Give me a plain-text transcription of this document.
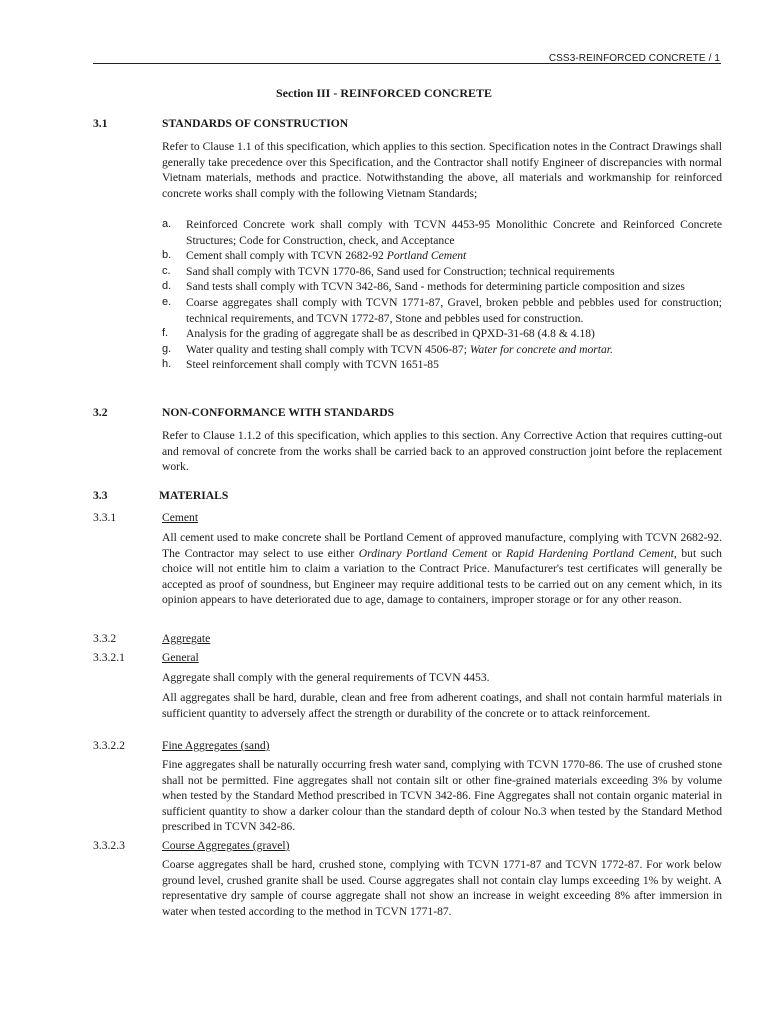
CSS3-REINFORCED CONCRETE / 1
Section III - REINFORCED CONCRETE
3.1	STANDARDS OF CONSTRUCTION

Refer to Clause 1.1 of this specification, which applies to this section. Specification notes in the Contract Drawings shall generally take precedence over this Specification, and the Contractor shall notify Engineer of discrepancies with normal Vietnam materials, methods and practice. Notwithstanding the above, all materials and workmanship for reinforced concrete works shall comply with the following Vietnam Standards;

a. Reinforced Concrete work shall comply with TCVN 4453-95 Monolithic Concrete and Reinforced Concrete Structures; Code for Construction, check, and Acceptance
b. Cement shall comply with TCVN 2682-92 Portland Cement
c. Sand shall comply with TCVN 1770-86, Sand used for Construction; technical requirements
d. Sand tests shall comply with TCVN 342-86, Sand - methods for determining particle composition and sizes
e. Coarse aggregates shall comply with TCVN 1771-87, Gravel, broken pebble and pebbles used for construction; technical requirements, and TCVN 1772-87, Stone and pebbles used for construction.
f. Analysis for the grading of aggregate shall be as described in QPXD-31-68 (4.8 & 4.18)
g. Water quality and testing shall comply with TCVN 4506-87; Water for concrete and mortar.
h. Steel reinforcement shall comply with TCVN 1651-85
3.2	NON-CONFORMANCE WITH STANDARDS

Refer to Clause 1.1.2 of this specification, which applies to this section. Any Corrective Action that requires cutting-out and removal of concrete from the works shall be carried back to an approved construction joint before the replacement work.

3.3	MATERIALS
3.3.1	Cement

All cement used to make concrete shall be Portland Cement of approved manufacture, complying with TCVN 2682-92. The Contractor may select to use either Ordinary Portland Cement or Rapid Hardening Portland Cement, but such choice will not entitle him to claim a variation to the Contract Price. Manufacturer's test certificates will generally be accepted as proof of soundness, but Engineer may require additional tests to be carried out on any cement which, in its opinion appears to have deteriorated due to age, damage to containers, improper storage or for any other reason.

3.3.2	Aggregate
3.3.2.1	General

Aggregate shall comply with the general requirements of TCVN 4453.

All aggregates shall be hard, durable, clean and free from adherent coatings, and shall not contain harmful materials in sufficient quantity to adversely affect the strength or durability of the concrete or to attack reinforcement.

3.3.2.2	Fine Aggregates (sand)

Fine aggregates shall be naturally occurring fresh water sand, complying with TCVN 1770-86. The use of crushed stone shall not be permitted. Fine aggregates shall not contain silt or other fine-grained materials exceeding 3% by volume when tested by the Standard Method prescribed in TCVN 342-86. Fine Aggregates shall not contain organic material in sufficient quantity to show a darker colour than the standard depth of colour No.3 when tested by the Standard Method prescribed in TCVN 342-86.

3.3.2.3	Course Aggregates (gravel)

Coarse aggregates shall be hard, crushed stone, complying with TCVN 1771-87 and TCVN 1772-87. For work below ground level, crushed granite shall be used. Course aggregates shall not contain clay lumps exceeding 1% by weight. A representative dry sample of course aggregate shall not show an increase in weight exceeding 8% after immersion in water when tested according to the method in TCVN 1771-87.
